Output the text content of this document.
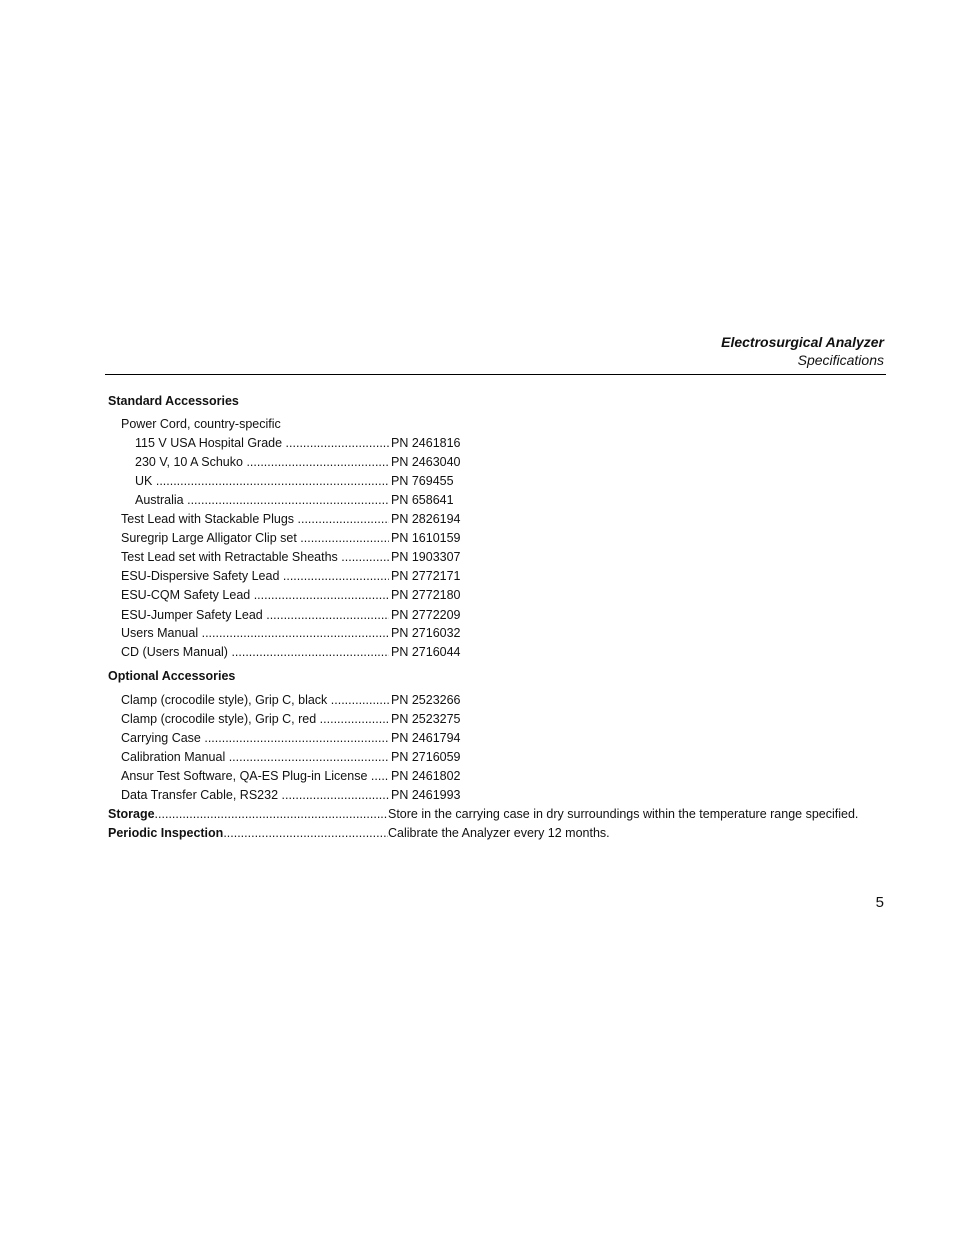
Electrosurgical Analyzer
Specifications
Standard Accessories
Power Cord, country-specific
115 V USA Hospital Grade .....	PN 2461816
230 V, 10 A Schuko .....	PN 2463040
UK .....	PN 769455
Australia .....	PN 658641
Test Lead with Stackable Plugs .....	PN 2826194
Suregrip Large Alligator Clip set .....	PN 1610159
Test Lead set with Retractable Sheaths .....	PN 1903307
ESU-Dispersive Safety Lead .....	PN 2772171
ESU-CQM Safety Lead .....	PN 2772180
ESU-Jumper Safety Lead .....	PN 2772209
Users Manual .....	PN 2716032
CD (Users Manual) .....	PN 2716044
Optional Accessories
Clamp (crocodile style), Grip C, black .....	PN 2523266
Clamp (crocodile style), Grip C, red .....	PN 2523275
Carrying Case .....	PN 2461794
Calibration Manual .....	PN 2716059
Ansur Test Software, QA-ES Plug-in License .....	PN 2461802
Data Transfer Cable, RS232 .....	PN 2461993
Storage .....	Store in the carrying case in dry surroundings within the temperature range specified.
Periodic Inspection .....	Calibrate the Analyzer every 12 months.
5
